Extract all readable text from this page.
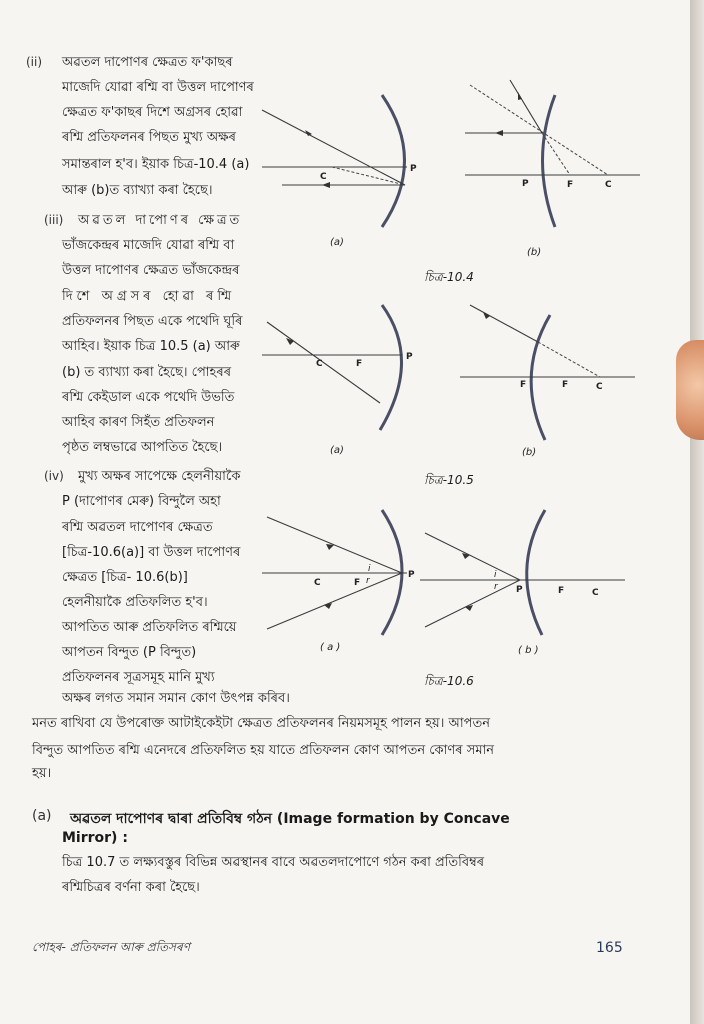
(ii) অৱতল দাপোণৰ ক্ষেত্ৰত ফ'কাছৰ
মাজেদি যোৱা ৰশ্মি বা উত্তল দাপোণৰ
ক্ষেত্ৰত ফ'কাছৰ দিশে অগ্ৰসৰ হোৱা
ৰশ্মি প্ৰতিফলনৰ পিছত মুখ্য অক্ষৰ
সমান্তৰাল হ'ব। ইয়াক চিত্ৰ-10.4 (a)
আৰু (b)ত ব্যাখ্যা কৰা হৈছে।
(iii) অৱতল দাপোণৰ ক্ষেত্ৰত
ভাঁজকেন্দ্ৰৰ মাজেদি যোৱা ৰশ্মি বা
উত্তল দাপোণৰ ক্ষেত্ৰত ভাঁজকেন্দ্ৰৰ
দিশে অগ্ৰসৰ হোৱা ৰশ্মি
প্ৰতিফলনৰ পিছত একে পথেদি ঘূৰি
আহিব। ইয়াক চিত্ৰ 10.5 (a) আৰু
(b) ত ব্যাখ্যা কৰা হৈছে। পোহৰৰ
ৰশ্মি কেইডাল একে পথেদি উভতি
আহিব কাৰণ সিহঁত প্ৰতিফলন
পৃষ্ঠত লম্বভাৱে আপতিত হৈছে।
(iv) মুখ্য অক্ষৰ সাপেক্ষে হেলনীয়াকৈ
P (দাপোণৰ মেৰু) বিন্দুলৈ অহা
ৰশ্মি অৱতল দাপোণৰ ক্ষেত্ৰত
[চিত্ৰ-10.6(a)] বা উত্তল দাপোণৰ
ক্ষেত্ৰত [চিত্ৰ- 10.6(b)]
হেলনীয়াকৈ প্ৰতিফলিত হ'ব।
আপতিত আৰু প্ৰতিফলিত ৰশ্মিয়ে
আপতন বিন্দুত (P বিন্দুত)
প্ৰতিফলনৰ সূত্ৰসমূহ মানি মুখ্য
অক্ষৰ লগত সমান সমান কোণ উৎপন্ন কৰিব।
মনত ৰাখিবা যে উপৰোক্ত আটাইকেইটা ক্ষেত্ৰত প্ৰতিফলনৰ নিয়মসমূহ পালন হয়। আপতন
বিন্দুত আপতিত ৰশ্মি এনেদৰে প্ৰতিফলিত হয় যাতে প্ৰতিফলন কোণ আপতন কোণৰ সমান
হয়।
(a) অৱতল দাপোণৰ দ্বাৰা প্ৰতিবিম্ব গঠন (Image formation by Concave
Mirror) :
চিত্ৰ 10.7 ত লক্ষ্যবস্তুৰ বিভিন্ন অৱস্থানৰ বাবে অৱতলদাপোণে গঠন কৰা প্ৰতিবিম্বৰ
ৰশ্মিচিত্ৰৰ বৰ্ণনা কৰা হৈছে।
পোহৰ- প্ৰতিফলন আৰু প্ৰতিসৰণ	165
C
P
(a)
P	F	C
(b)
চিত্ৰ-10.4
C	F
P
(a)
F	F	C
(b)
চিত্ৰ-10.5
C	F
i
r
P
( a )
i
r P	F	C
( b )
চিত্ৰ-10.6
